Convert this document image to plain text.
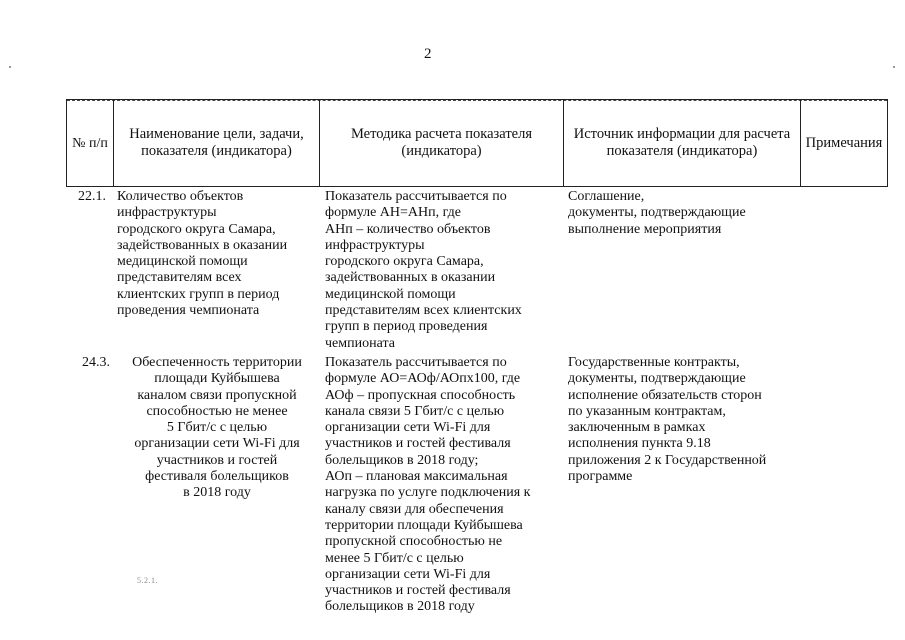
2
№ п/п
Наименование цели, задачи, показателя (индикатора)
Методика расчета показателя (индикатора)
Источник информации для расчета показателя (индикатора)
Примечания
22.1. Количество объектов
инфраструктуры
городского округа Самара,
задействованных в оказании
медицинской помощи
представителям всех
клиентских групп в период
проведения чемпионата
Показатель рассчитывается по
формуле АН=АНп, где
АНп – количество объектов
инфраструктуры
городского округа Самара,
задействованных в оказании
медицинской помощи
представителям всех клиентских
групп в период проведения
чемпионата
Соглашение,
документы, подтверждающие
выполнение мероприятия
24.3.	Обеспеченность территории
площади Куйбышева
каналом связи пропускной
способностью не менее
5 Гбит/с с целью
организации сети Wi-Fi для
участников и гостей
фестиваля болельщиков
в 2018 году
Показатель рассчитывается по
формуле АО=АОф/АОпх100, где
АОф – пропускная способность
канала связи 5 Гбит/с с целью
организации сети Wi-Fi для
участников и гостей фестиваля
болельщиков в 2018 году;
АОп – плановая максимальная
нагрузка по услуге подключения к
каналу связи для обеспечения
территории площади Куйбышева
пропускной способностью не
менее 5 Гбит/с с целью
организации сети Wi-Fi для
участников и гостей фестиваля
болельщиков в 2018 году
Государственные контракты,
документы, подтверждающие
исполнение обязательств сторон
по указанным контрактам,
заключенным в рамках
исполнения пункта 9.18
приложения 2 к Государственной
программе
5.2.1.
